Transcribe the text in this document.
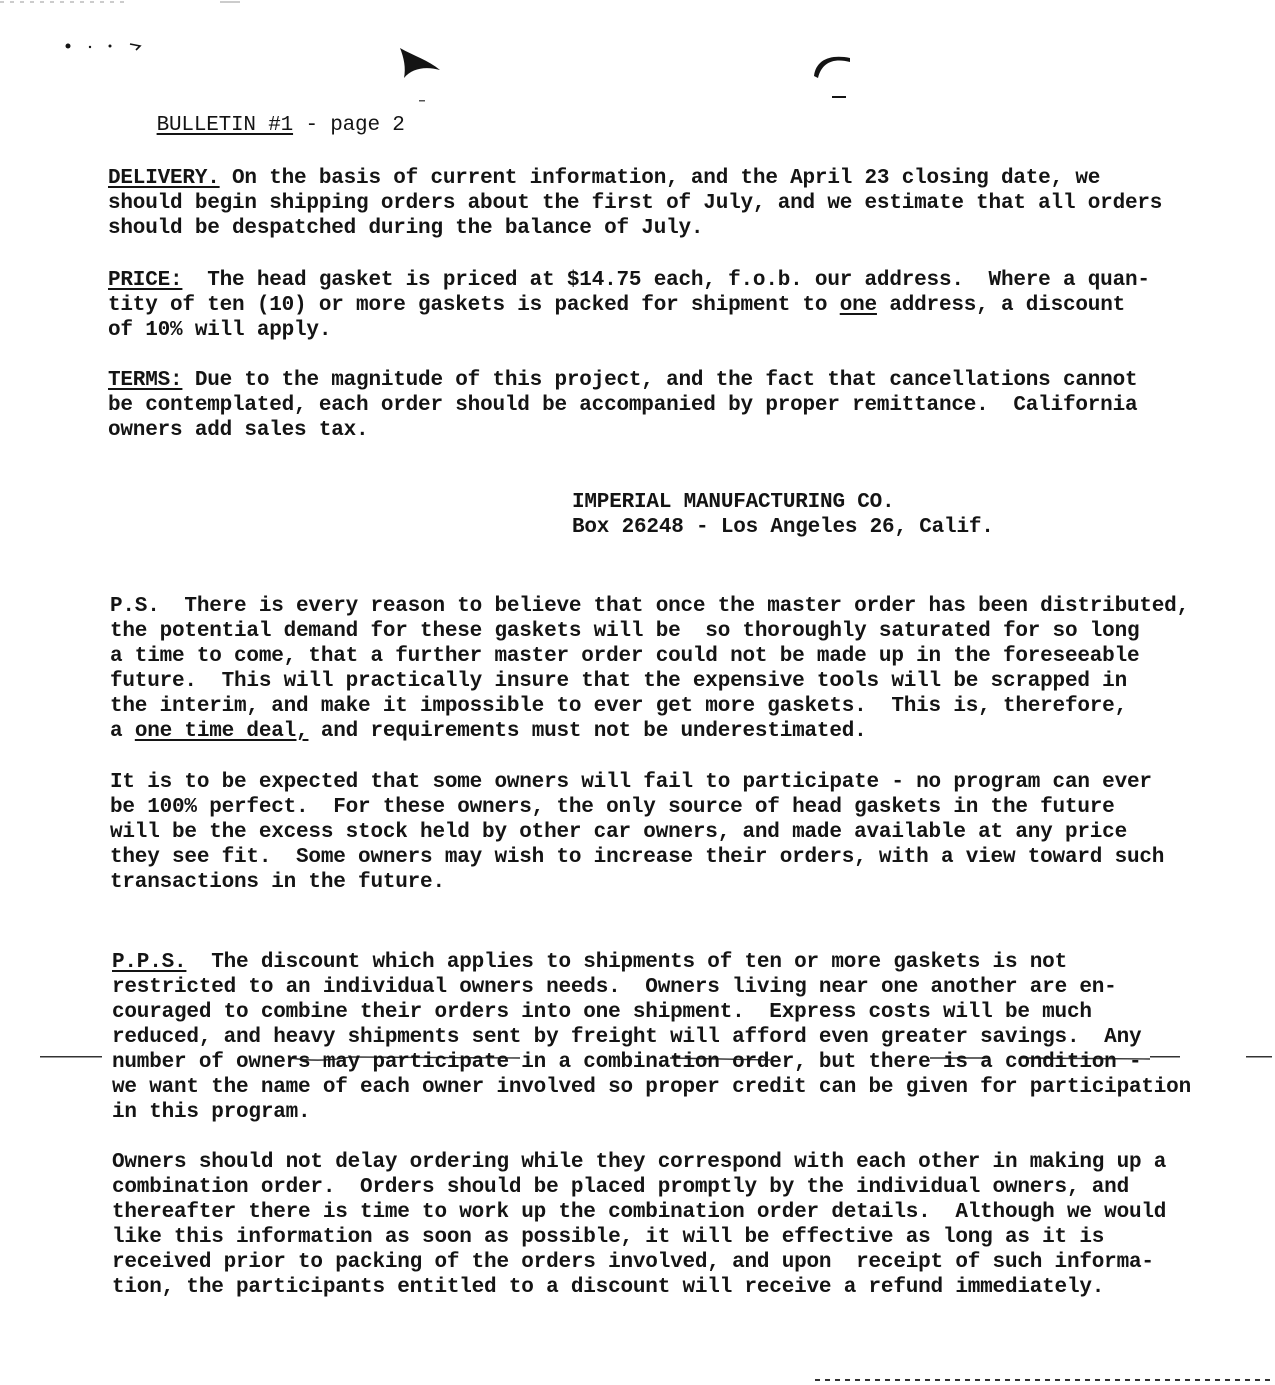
BULLETIN #1 - page 2

DELIVERY. On the basis of current information, and the April 23 closing date, we
should begin shipping orders about the first of July, and we estimate that all orders
should be despatched during the balance of July.
PRICE:  The head gasket is priced at $14.75 each, f.o.b. our address.  Where a quan-
tity of ten (10) or more gaskets is packed for shipment to one address, a discount
of 10% will apply.
TERMS: Due to the magnitude of this project, and the fact that cancellations cannot
be contemplated, each order should be accompanied by proper remittance.  California
owners add sales tax.
IMPERIAL MANUFACTURING CO.
Box 26248 - Los Angeles 26, Calif.
P.S.  There is every reason to believe that once the master order has been distributed,
the potential demand for these gaskets will be  so thoroughly saturated for so long
a time to come, that a further master order could not be made up in the foreseeable
future.  This will practically insure that the expensive tools will be scrapped in
the interim, and make it impossible to ever get more gaskets.  This is, therefore,
a one time deal, and requirements must not be underestimated.
It is to be expected that some owners will fail to participate - no program can ever
be 100% perfect.  For these owners, the only source of head gaskets in the future
will be the excess stock held by other car owners, and made available at any price
they see fit.  Some owners may wish to increase their orders, with a view toward such
transactions in the future.
P.P.S.  The discount which applies to shipments of ten or more gaskets is not
restricted to an individual owners needs.  Owners living near one another are en-
couraged to combine their orders into one shipment.  Express costs will be much
reduced, and heavy shipments sent by freight will afford even greater savings.  Any
number of owners may participate in a combination order, but there is a condition -
we want the name of each owner involved so proper credit can be given for participation
in this program.
Owners should not delay ordering while they correspond with each other in making up a
combination order.  Orders should be placed promptly by the individual owners, and
thereafter there is time to work up the combination order details.  Although we would
like this information as soon as possible, it will be effective as long as it is
received prior to packing of the orders involved, and upon  receipt of such informa-
tion, the participants entitled to a discount will receive a refund immediately.
